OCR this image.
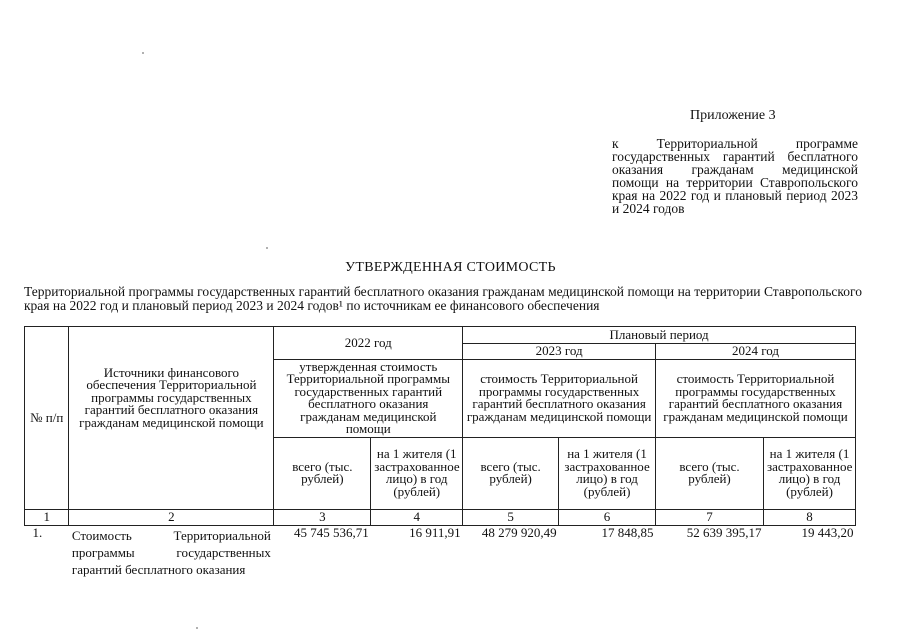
Приложение 3
к Территориальной программе государственных гарантий бесплатного оказания гражданам медицинской помощи на территории Ставропольского края на 2022 год и плановый период 2023 и 2024 годов
УТВЕРЖДЕННАЯ СТОИМОСТЬ
Территориальной программы государственных гарантий бесплатного оказания гражданам медицинской помощи на территории Ставропольского края на 2022 год и плановый период 2023 и 2024 годов¹ по источникам ее финансового обеспечения
№ п/п	Источники финансового обеспечения Территориальной программы государственных гарантий бесплатного оказания гражданам медицинской помощи	2022 год		Плановый период			
				2023 год		2024 год	
		утвержденная стоимость Территориальной программы государственных гарантий бесплатного оказания гражданам медицинской помощи		стоимость Территориальной программы государственных гарантий бесплатного оказания гражданам медицинской помощи		стоимость Территориальной программы государственных гарантий бесплатного оказания гражданам медицинской помощи	
		всего (тыс. рублей)	на 1 жителя (1 застрахованное лицо) в год (рублей)	всего (тыс. рублей)	на 1 жителя (1 застрахованное лицо) в год (рублей)	всего (тыс. рублей)	на 1 жителя (1 застрахованное лицо) в год (рублей)
1	2	3	4	5	6	7	8
1.	Стоимость Территориальной программы государственных гарантий бесплатного оказания	45 745 536,71	16 911,91	48 279 920,49	17 848,85	52 639 395,17	19 443,20
